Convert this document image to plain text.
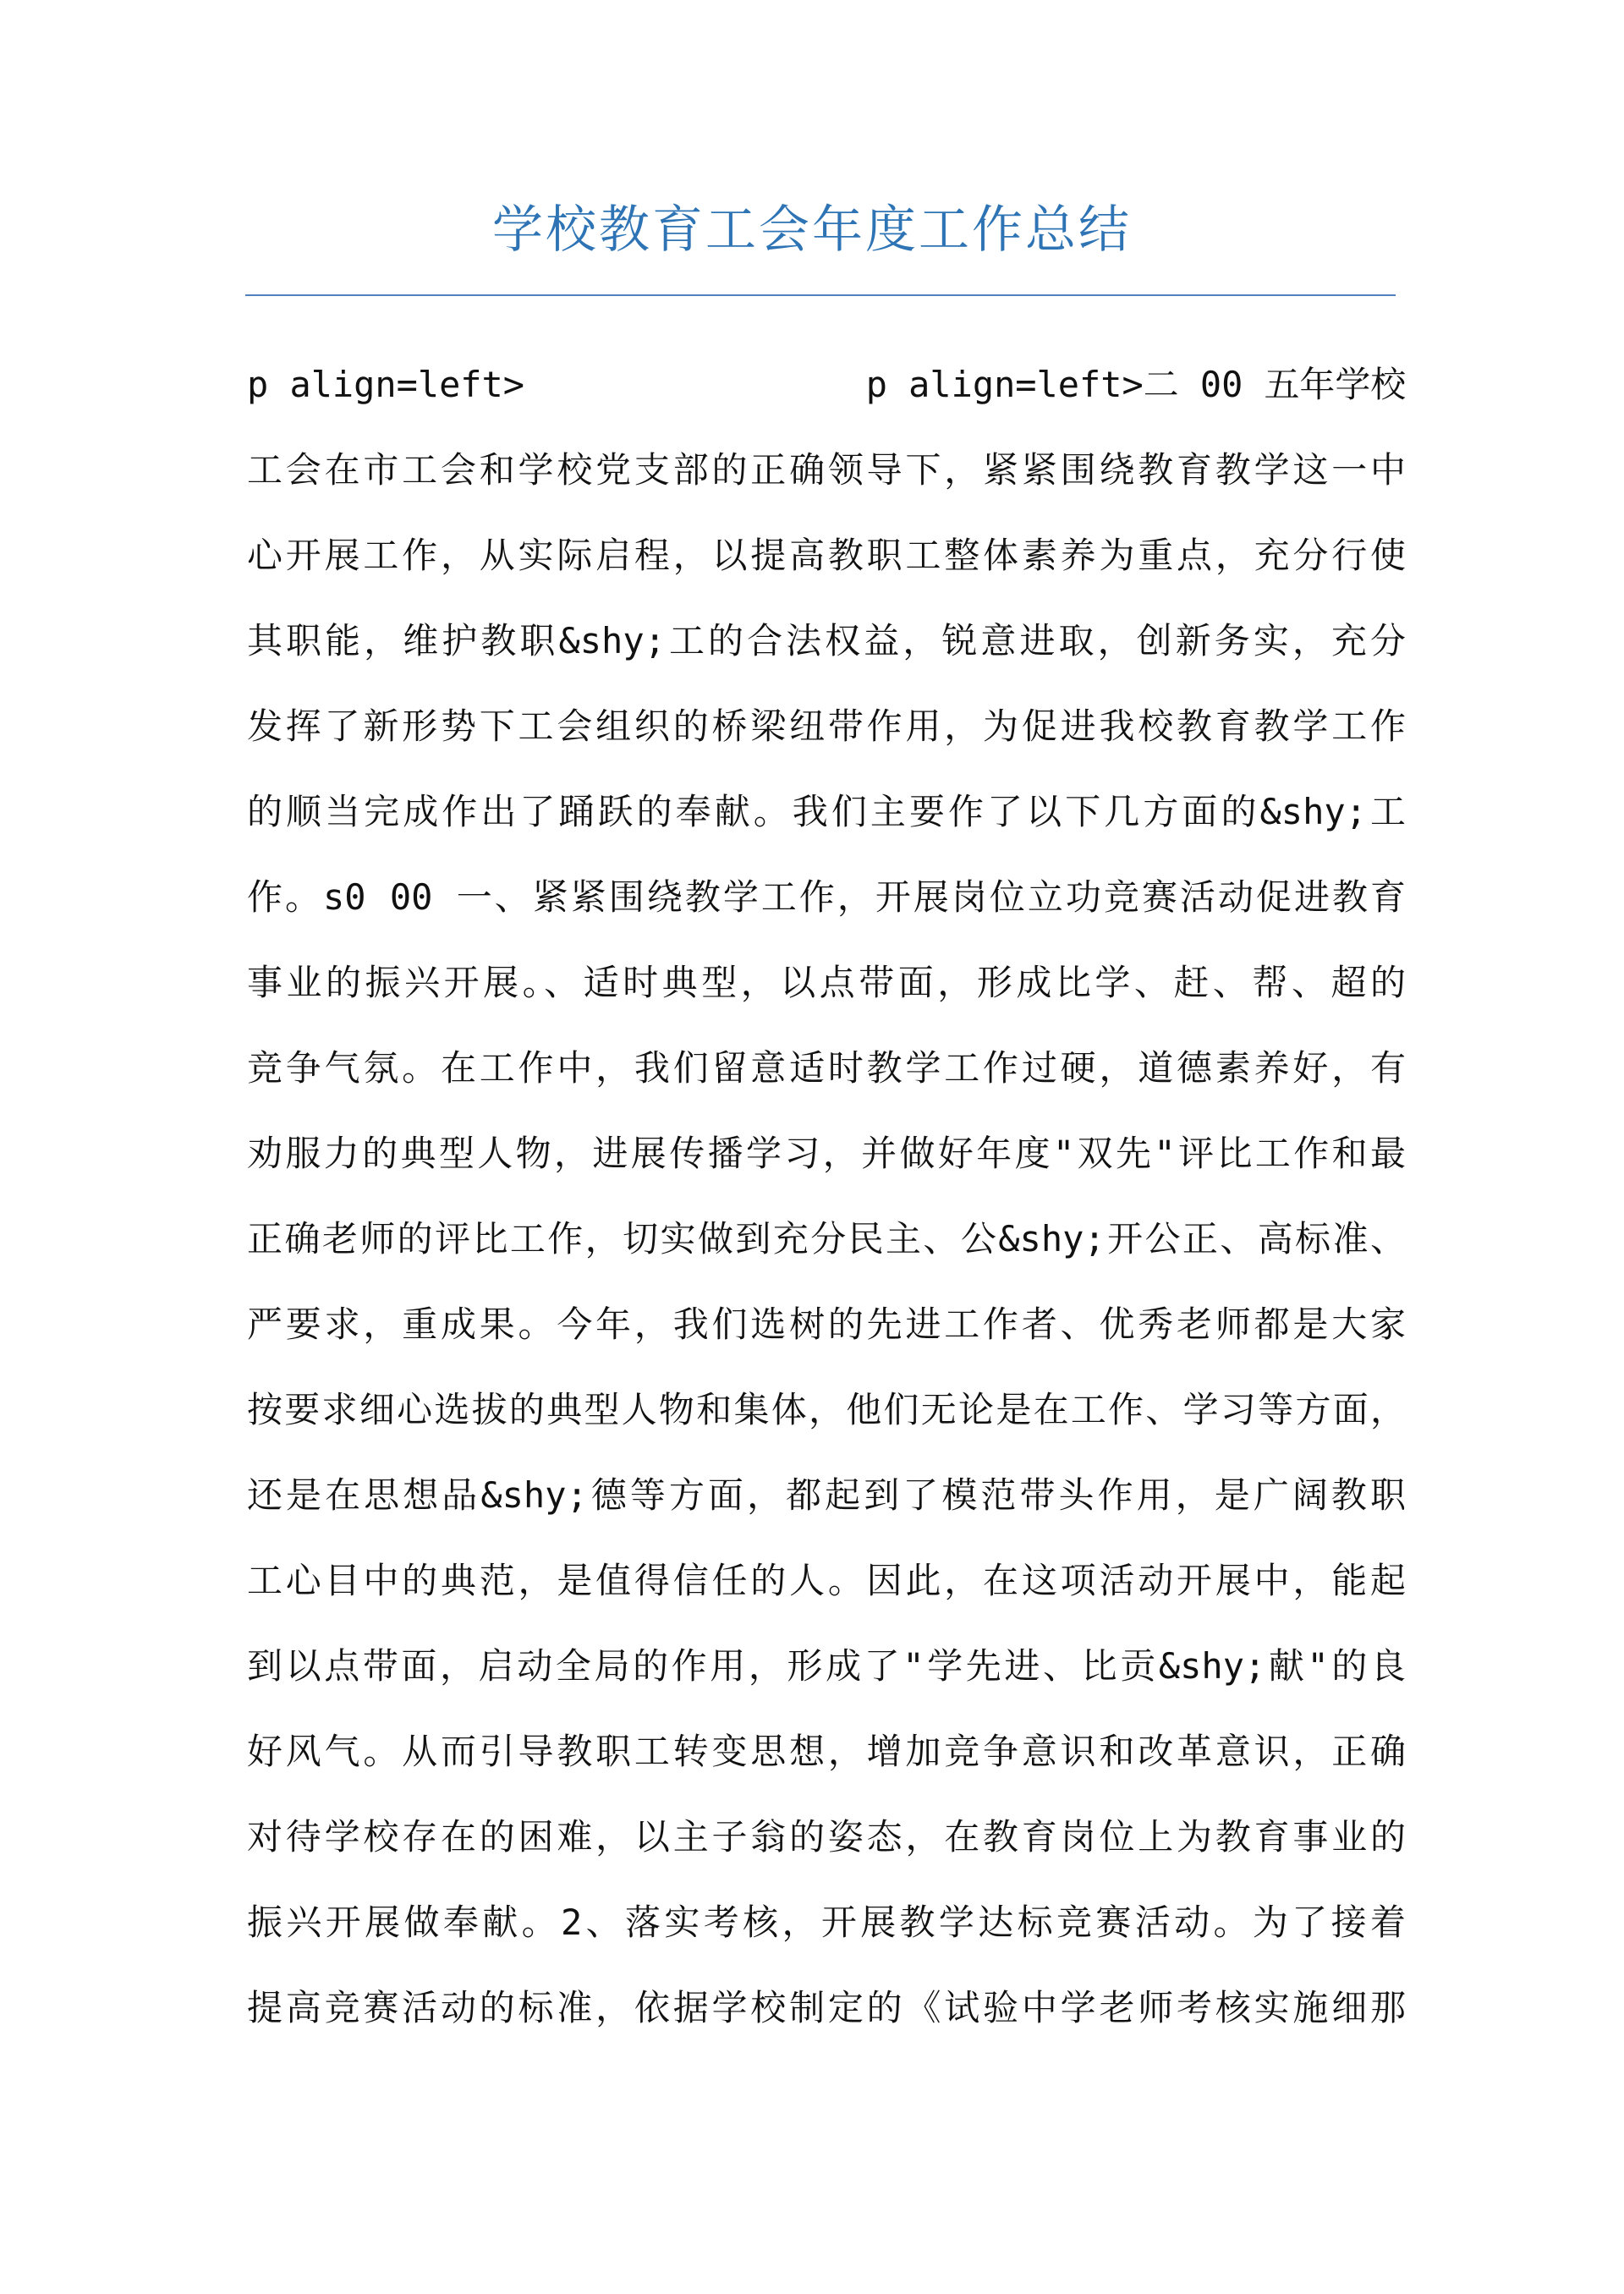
学校教育工会年度工作总结
p align=left>                p align=left>二 00 五年学校
工会在市工会和学校党支部的正确领导下，紧紧围绕教育教学这一中
心开展工作，从实际启程，以提高教职工整体素养为重点，充分行使
其职能，维护教职&shy;工的合法权益，锐意进取，创新务实，充分
发挥了新形势下工会组织的桥梁纽带作用，为促进我校教育教学工作
的顺当完成作出了踊跃的奉献。我们主要作了以下几方面的&shy;工
作。s0 00 一、紧紧围绕教学工作，开展岗位立功竞赛活动促进教育
事业的振兴开展。、适时典型，以点带面，形成比学、赶、帮、超的
竞争气氛。在工作中，我们留意适时教学工作过硬，道德素养好，有
劝服力的典型人物，进展传播学习，并做好年度"双先"评比工作和最
正确老师的评比工作，切实做到充分民主、公&shy;开公正、高标准、
严要求，重成果。今年，我们选树的先进工作者、优秀老师都是大家
按要求细心选拔的典型人物和集体，他们无论是在工作、学习等方面，
还是在思想品&shy;德等方面，都起到了模范带头作用，是广阔教职
工心目中的典范，是值得信任的人。因此，在这项活动开展中，能起
到以点带面，启动全局的作用，形成了"学先进、比贡&shy;献"的良
好风气。从而引导教职工转变思想，增加竞争意识和改革意识，正确
对待学校存在的困难，以主子翁的姿态，在教育岗位上为教育事业的
振兴开展做奉献。2、落实考核，开展教学达标竞赛活动。为了接着
提高竞赛活动的标准，依据学校制定的《试验中学老师考核实施细那
